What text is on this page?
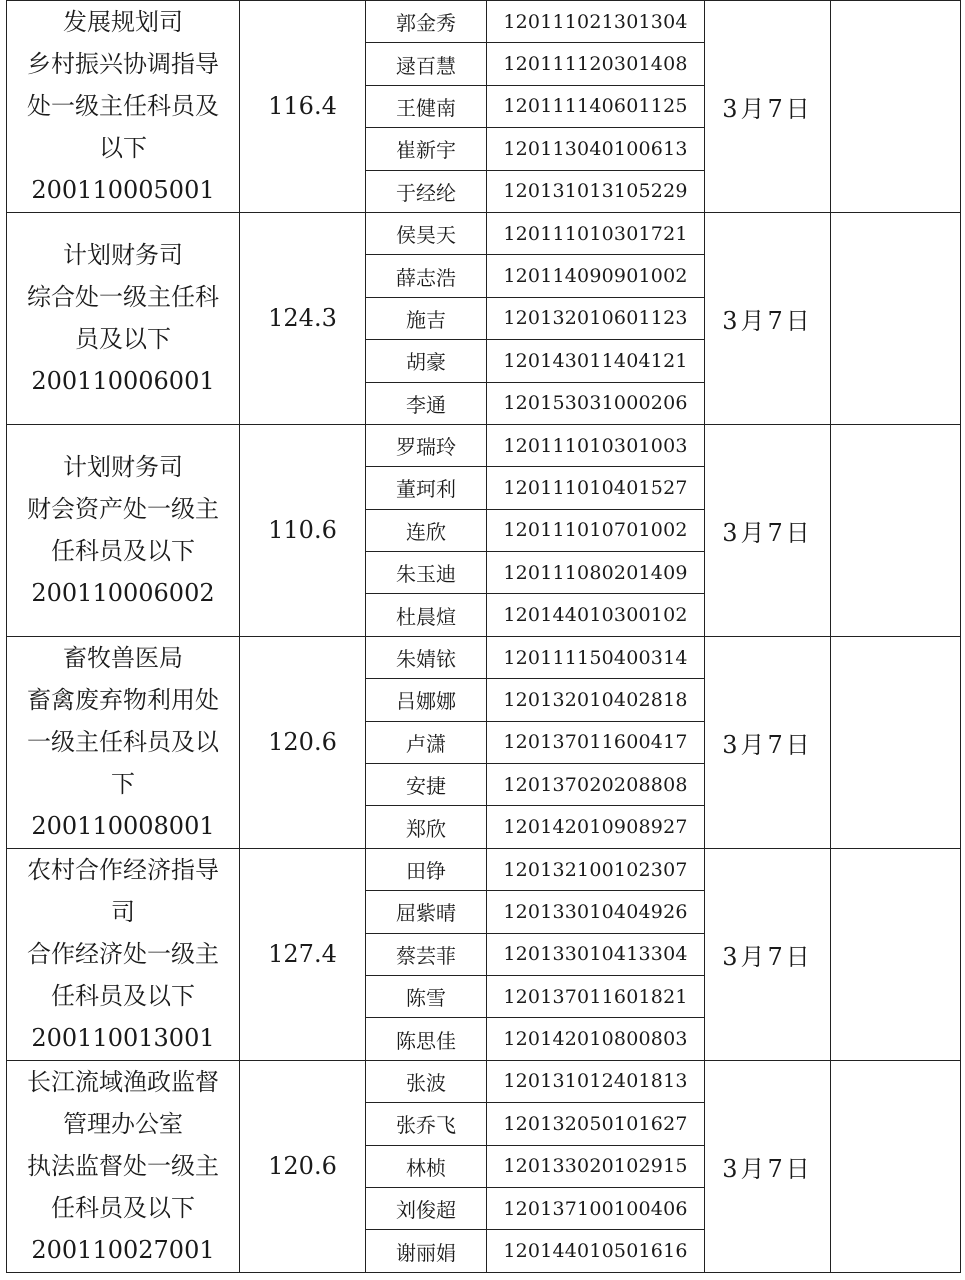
发展规划司
乡村振兴协调指导
处一级主任科员及
以下
200110005001	116.4	郭金秀	120111021301304	3月7日	
		逯百慧	120111120301408		
		王健南	120111140601125		
		崔新宇	120113040100613		
		于经纶	120131013105229		

计划财务司
综合处一级主任科
员及以下
200110006001	124.3	侯昊天	120111010301721	3月7日	
		薛志浩	120114090901002		
		施吉	120132010601123		
		胡豪	120143011404121		
		李通	120153031000206		

计划财务司
财会资产处一级主
任科员及以下
200110006002	110.6	罗瑞玲	120111010301003	3月7日	
		董珂利	120111010401527		
		连欣	120111010701002		
		朱玉迪	120111080201409		
		杜晨煊	120144010300102		

畜牧兽医局
畜禽废弃物利用处
一级主任科员及以
下
200110008001	120.6	朱婧铱	120111150400314	3月7日	
		吕娜娜	120132010402818		
		卢潇	120137011600417		
		安捷	120137020208808		
		郑欣	120142010908927		

农村合作经济指导
司
合作经济处一级主
任科员及以下
200110013001	127.4	田铮	120132100102307	3月7日	
		屈紫晴	120133010404926		
		蔡芸菲	120133010413304		
		陈雪	120137011601821		
		陈思佳	120142010800803		

长江流域渔政监督
管理办公室
执法监督处一级主
任科员及以下
200110027001	120.6	张波	120131012401813	3月7日	
		张乔飞	120132050101627		
		林桢	120133020102915		
		刘俊超	120137100100406		
		谢丽娟	120144010501616		
